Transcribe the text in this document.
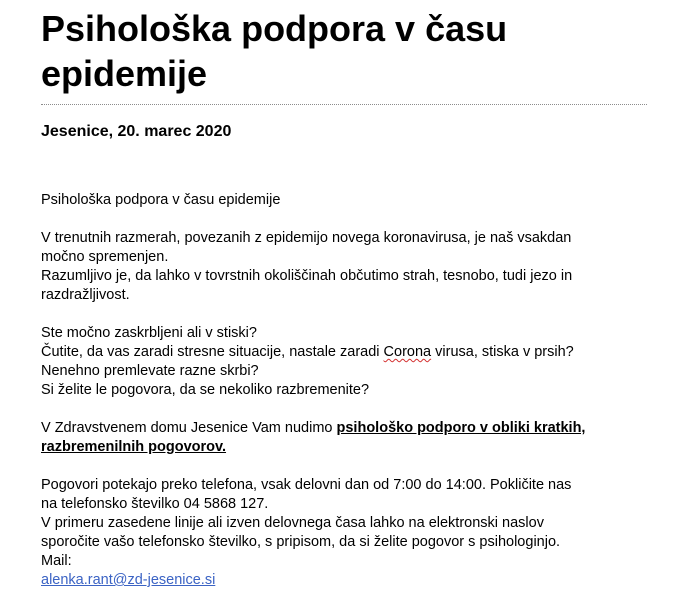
Psihološka podpora v času
epidemije
Jesenice, 20. marec 2020

Psihološka podpora v času epidemije

V trenutnih razmerah, povezanih z epidemijo novega koronavirusa, je naš vsakdan
močno spremenjen.
Razumljivo je, da lahko v tovrstnih okoliščinah občutimo strah, tesnobo, tudi jezo in
razdražljivost.

Ste močno zaskrbljeni ali v stiski?
Čutite, da vas zaradi stresne situacije, nastale zaradi Corona virusa, stiska v prsih?
Nenehno premlevate razne skrbi?
Si želite le pogovora, da se nekoliko razbremenite?

V Zdravstvenem domu Jesenice Vam nudimo psihološko podporo v obliki kratkih,
razbremenilnih pogovorov.

Pogovori potekajo preko telefona, vsak delovni dan od 7:00 do 14:00. Pokličite nas
na telefonsko številko 04 5868 127.
V primeru zasedene linije ali izven delovnega časa lahko na elektronski naslov
sporočite vašo telefonsko številko, s pripisom, da si želite pogovor s psihologinjo.
Mail:
alenka.rant@zd-jesenice.si
